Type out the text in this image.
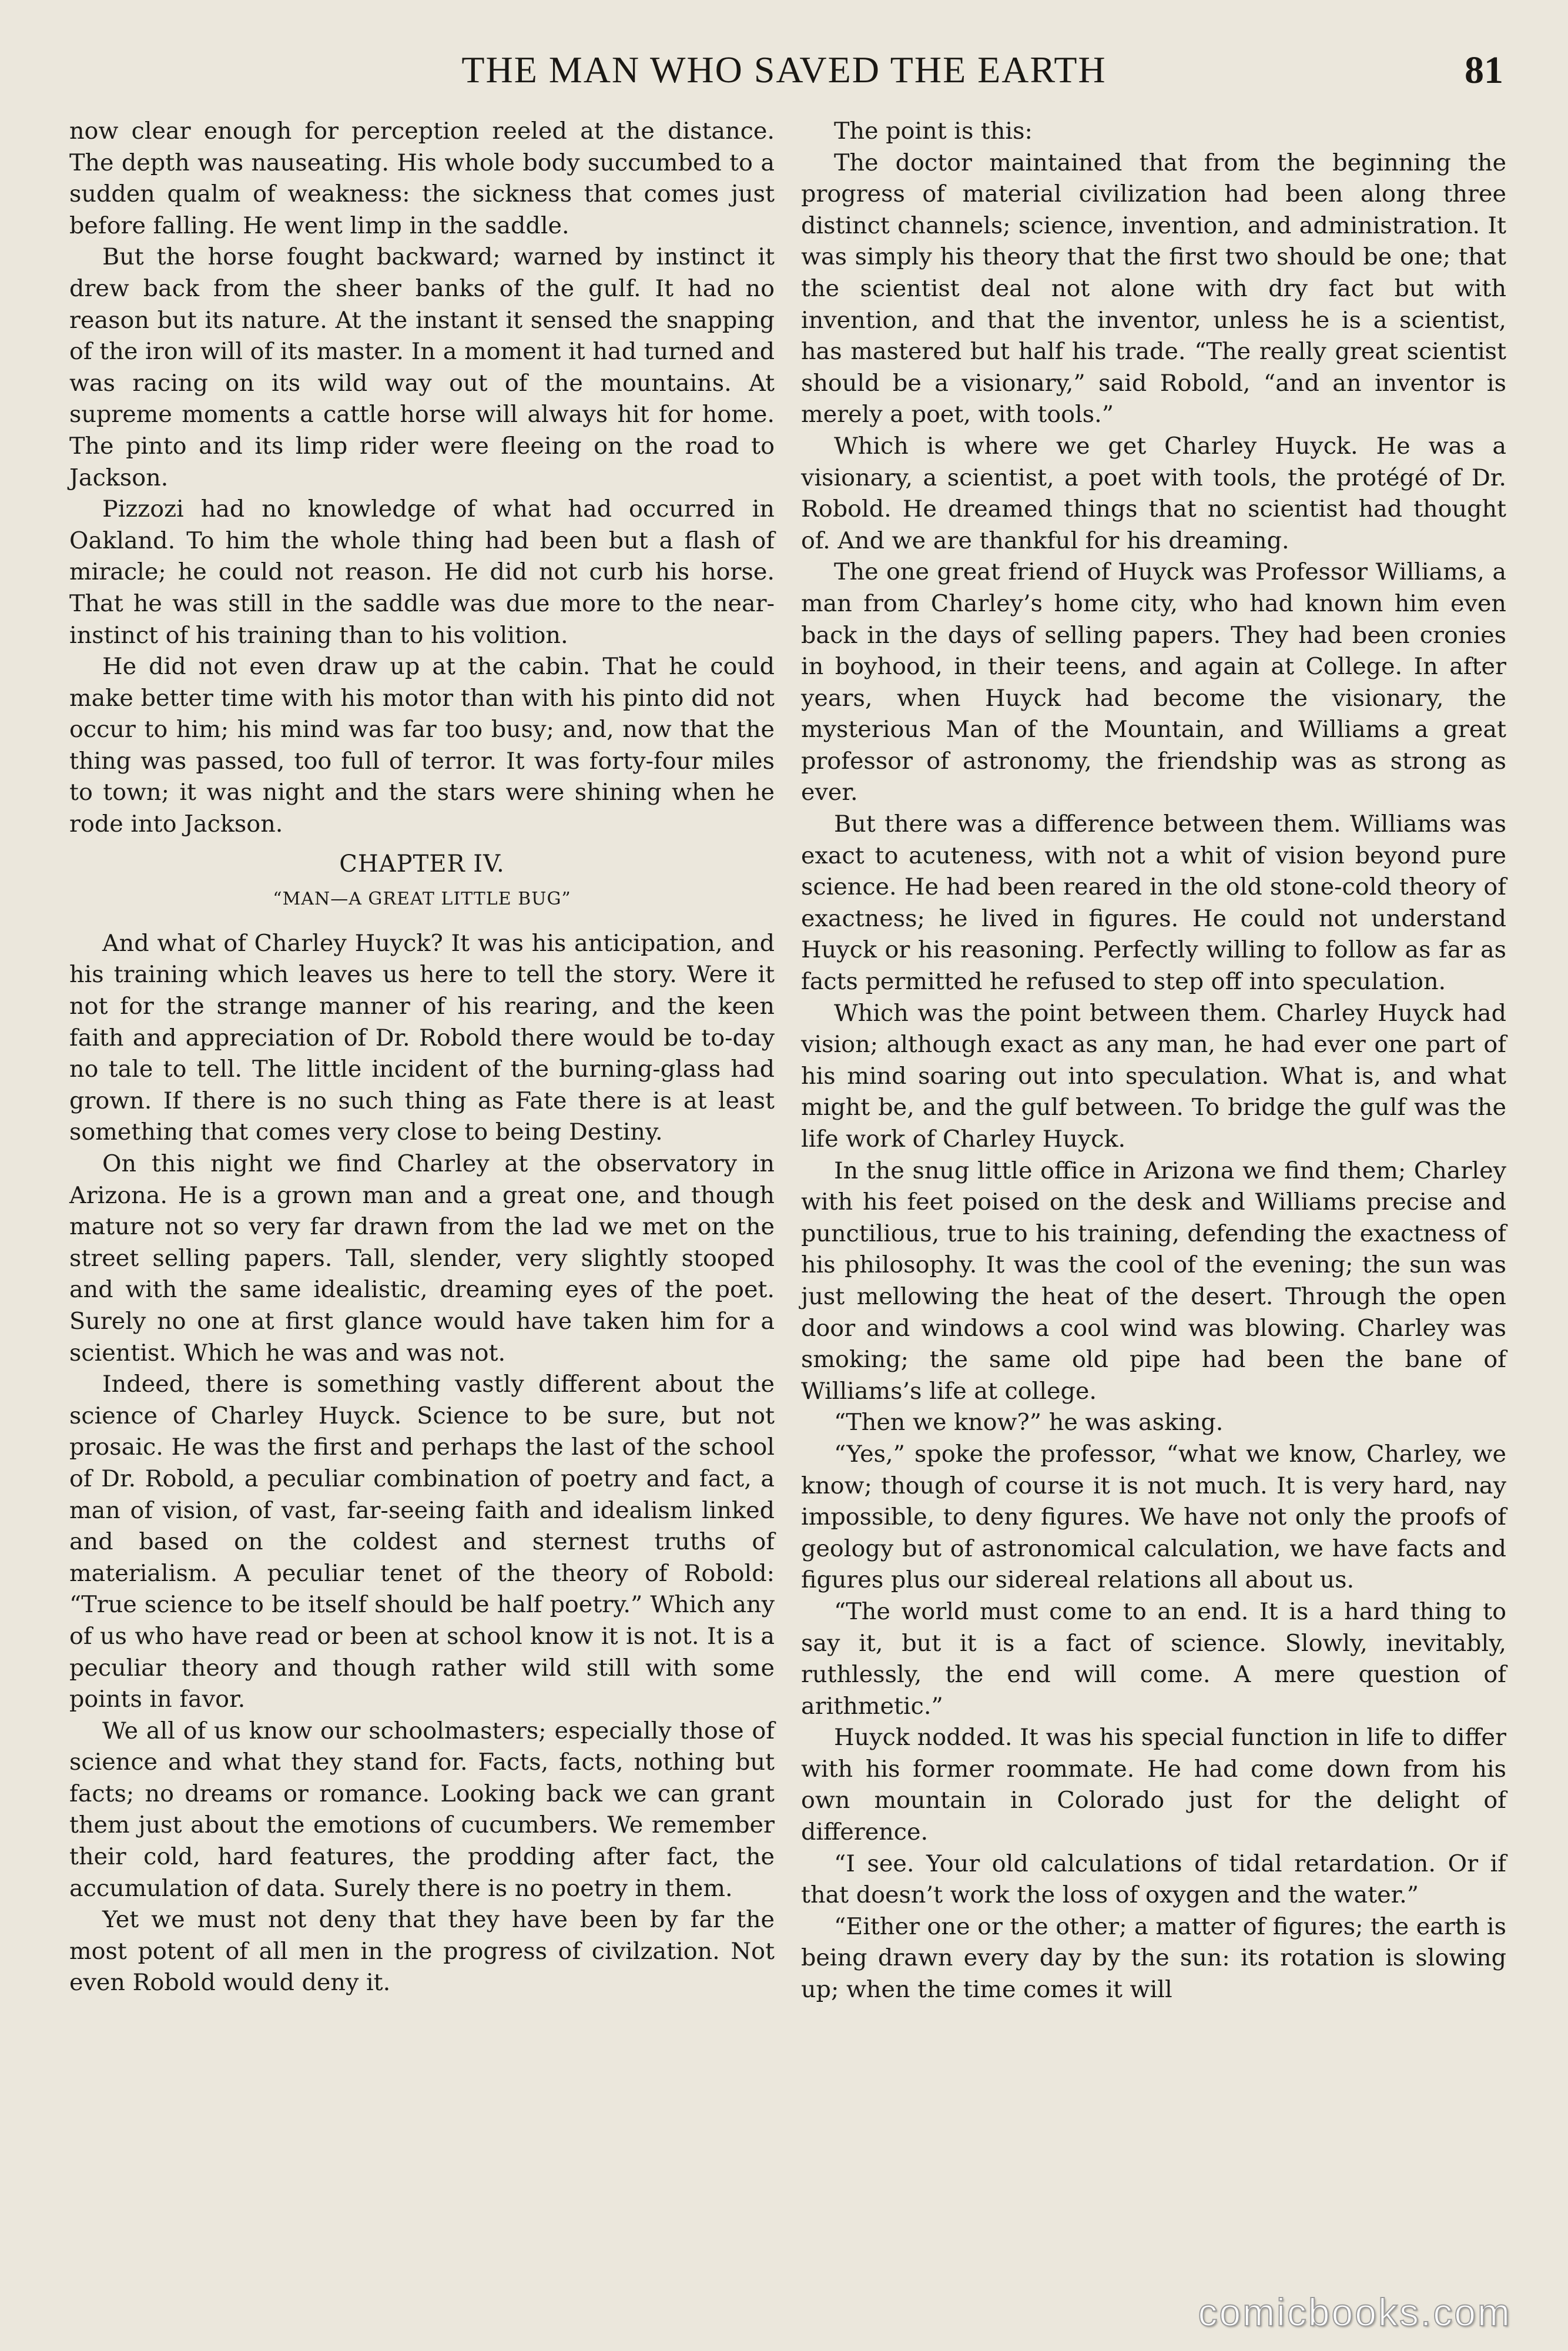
THE MAN WHO SAVED THE EARTH	81

now clear enough for perception reeled at the distance. The depth was nauseating. His whole body succumbed to a sudden qualm of weakness: the sickness that comes just before falling. He went limp in the saddle.

But the horse fought backward; warned by instinct it drew back from the sheer banks of the gulf. It had no reason but its nature. At the instant it sensed the snapping of the iron will of its master. In a moment it had turned and was racing on its wild way out of the mountains. At supreme moments a cattle horse will always hit for home. The pinto and its limp rider were fleeing on the road to Jackson.

Pizzozi had no knowledge of what had occurred in Oakland. To him the whole thing had been but a flash of miracle; he could not reason. He did not curb his horse. That he was still in the saddle was due more to the near-instinct of his training than to his volition.

He did not even draw up at the cabin. That he could make better time with his motor than with his pinto did not occur to him; his mind was far too busy; and, now that the thing was passed, too full of terror. It was forty-four miles to town; it was night and the stars were shining when he rode into Jackson.

CHAPTER IV.
“MAN—A GREAT LITTLE BUG”

And what of Charley Huyck? It was his anticipation, and his training which leaves us here to tell the story. Were it not for the strange manner of his rearing, and the keen faith and appreciation of Dr. Robold there would be to-day no tale to tell. The little incident of the burning-glass had grown. If there is no such thing as Fate there is at least something that comes very close to being Destiny.

On this night we find Charley at the observatory in Arizona. He is a grown man and a great one, and though mature not so very far drawn from the lad we met on the street selling papers. Tall, slender, very slightly stooped and with the same idealistic, dreaming eyes of the poet. Surely no one at first glance would have taken him for a scientist. Which he was and was not.

Indeed, there is something vastly different about the science of Charley Huyck. Science to be sure, but not prosaic. He was the first and perhaps the last of the school of Dr. Robold, a peculiar combination of poetry and fact, a man of vision, of vast, far-seeing faith and idealism linked and based on the coldest and sternest truths of materialism. A peculiar tenet of the theory of Robold: “True science to be itself should be half poetry.” Which any of us who have read or been at school know it is not. It is a peculiar theory and though rather wild still with some points in favor.

We all of us know our schoolmasters; especially those of science and what they stand for. Facts, facts, nothing but facts; no dreams or romance. Looking back we can grant them just about the emotions of cucumbers. We remember their cold, hard features, the prodding after fact, the accumulation of data. Surely there is no poetry in them.

Yet we must not deny that they have been by far the most potent of all men in the progress of civilzation. Not even Robold would deny it.

The point is this:

The doctor maintained that from the beginning the progress of material civilization had been along three distinct channels; science, invention, and administration. It was simply his theory that the first two should be one; that the scientist deal not alone with dry fact but with invention, and that the inventor, unless he is a scientist, has mastered but half his trade. “The really great scientist should be a visionary,” said Robold, “and an inventor is merely a poet, with tools.”

Which is where we get Charley Huyck. He was a visionary, a scientist, a poet with tools, the protégé of Dr. Robold. He dreamed things that no scientist had thought of. And we are thankful for his dreaming.

The one great friend of Huyck was Professor Williams, a man from Charley’s home city, who had known him even back in the days of selling papers. They had been cronies in boyhood, in their teens, and again at College. In after years, when Huyck had become the visionary, the mysterious Man of the Mountain, and Williams a great professor of astronomy, the friendship was as strong as ever.

But there was a difference between them. Williams was exact to acuteness, with not a whit of vision beyond pure science. He had been reared in the old stone-cold theory of exactness; he lived in figures. He could not understand Huyck or his reasoning. Perfectly willing to follow as far as facts permitted he refused to step off into speculation.

Which was the point between them. Charley Huyck had vision; although exact as any man, he had ever one part of his mind soaring out into speculation. What is, and what might be, and the gulf between. To bridge the gulf was the life work of Charley Huyck.

In the snug little office in Arizona we find them; Charley with his feet poised on the desk and Williams precise and punctilious, true to his training, defending the exactness of his philosophy. It was the cool of the evening; the sun was just mellowing the heat of the desert. Through the open door and windows a cool wind was blowing. Charley was smoking; the same old pipe had been the bane of Williams’s life at college.

“Then we know?” he was asking.

“Yes,” spoke the professor, “what we know, Charley, we know; though of course it is not much. It is very hard, nay impossible, to deny figures. We have not only the proofs of geology but of astronomical calculation, we have facts and figures plus our sidereal relations all about us.

“The world must come to an end. It is a hard thing to say it, but it is a fact of science. Slowly, inevitably, ruthlessly, the end will come. A mere question of arithmetic.”

Huyck nodded. It was his special function in life to differ with his former roommate. He had come down from his own mountain in Colorado just for the delight of difference.

“I see. Your old calculations of tidal retardation. Or if that doesn’t work the loss of oxygen and the water.”

“Either one or the other; a matter of figures; the earth is being drawn every day by the sun: its rotation is slowing up; when the time comes it will

comicbooks.com
